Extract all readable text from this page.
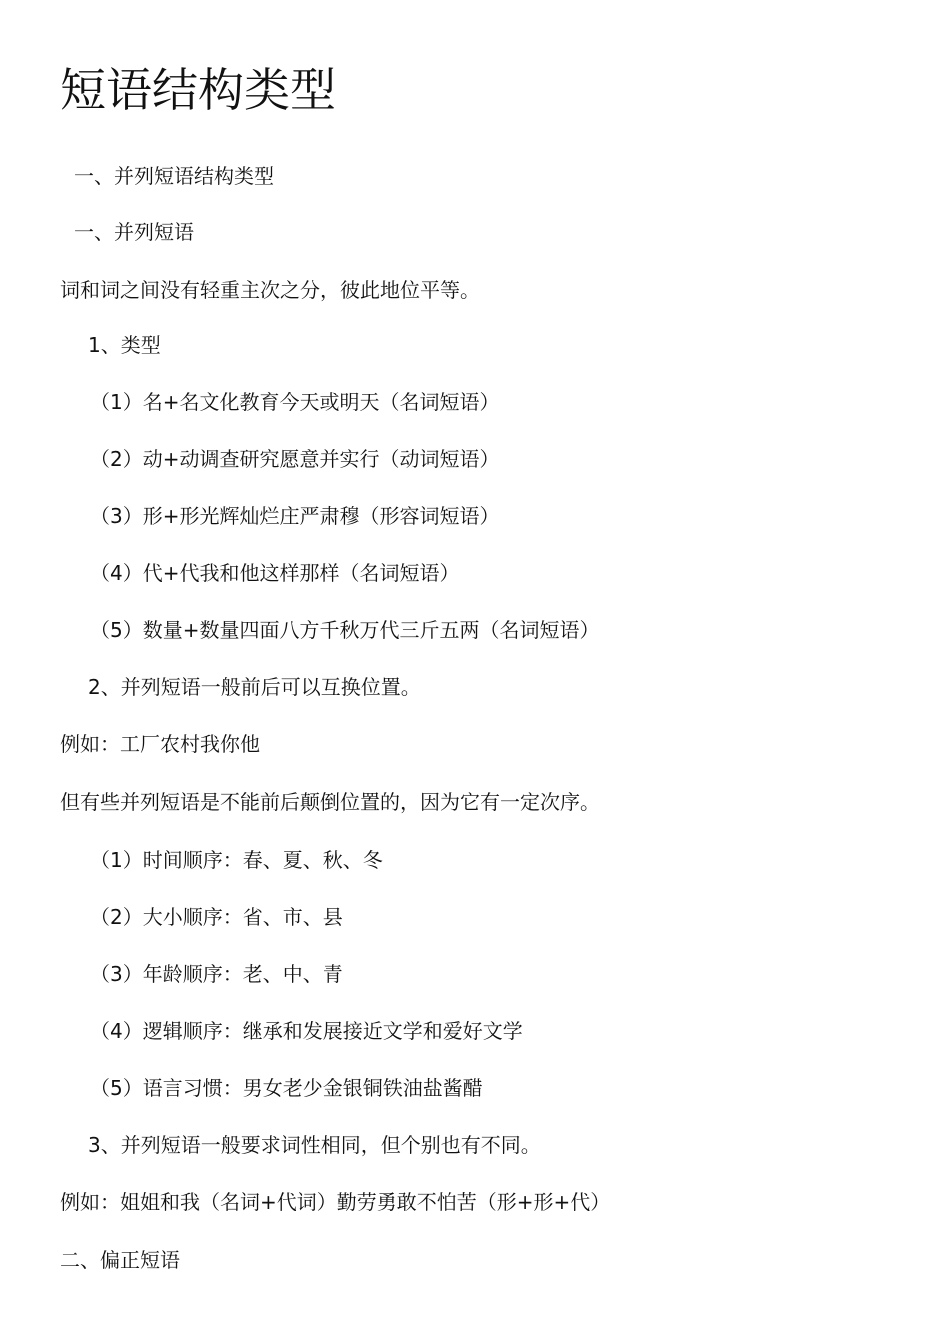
短语结构类型

一、并列短语结构类型

一、并列短语

词和词之间没有轻重主次之分，彼此地位平等。

1、类型

（1）名+名文化教育今天或明天（名词短语）

（2）动+动调查研究愿意并实行（动词短语）

（3）形+形光辉灿烂庄严肃穆（形容词短语）

（4）代+代我和他这样那样（名词短语）

（5）数量+数量四面八方千秋万代三斤五两（名词短语）

2、并列短语一般前后可以互换位置。

例如：工厂农村我你他

但有些并列短语是不能前后颠倒位置的，因为它有一定次序。

（1）时间顺序：春、夏、秋、冬

（2）大小顺序：省、市、县

（3）年龄顺序：老、中、青

（4）逻辑顺序：继承和发展接近文学和爱好文学

（5）语言习惯：男女老少金银铜铁油盐酱醋

3、并列短语一般要求词性相同，但个别也有不同。

例如：姐姐和我（名词+代词）勤劳勇敢不怕苦（形+形+代）

二、偏正短语
